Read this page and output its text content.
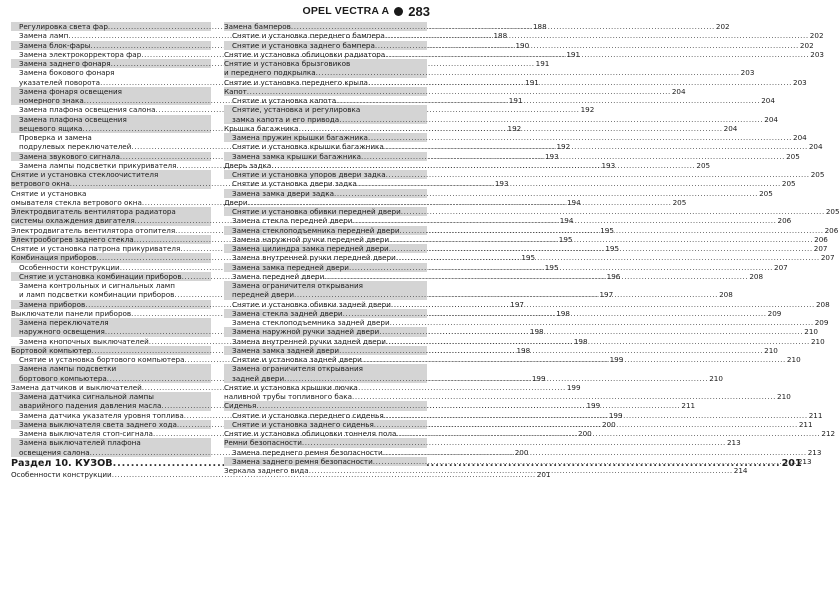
OPEL VECTRA A 283
Регулировка света фар .....	188
Замена ламп .....	188
Замена блок-фары .....	190
Замена электрокорректора фар .....	191
Замена заднего фонаря .....	191
Замена бокового фонаря
указателей поворота .....	191
Замена фонаря освещения
номерного знака .....	191
Замена плафона освещения салона .....	192
Замена плафона освещения
вещевого ящика .....	192
Проверка и замена
подрулевых переключателей .....	192
Замена звукового сигнала .....	193
Замена лампы подсветки прикуривателя .....	193
Снятие и установка стеклоочистителя
ветрового окна .....	193
Снятие и установка
омывателя стекла ветрового окна .....	194
Электродвигатель вентилятора радиатора
системы охлаждения двигателя .....	194
Электродвигатель вентилятора отопителя .....	195
Электрообогрев заднего стекла .....	195
Снятие и установка патрона прикуривателя .....	195
Комбинация приборов .....	195
Особенности конструкции .....	195
Снятие и установка комбинации приборов .....	196
Замена контрольных и сигнальных ламп
и ламп подсветки комбинации приборов .....	197
Замена приборов .....	197
Выключатели панели приборов .....	198
Замена переключателя
наружного освещения .....	198
Замена кнопочных выключателей .....	198
Бортовой компьютер .....	198
Снятие и установка бортового компьютера .....	199
Замена лампы подсветки
бортового компьютера .....	199
Замена датчиков и выключателей .....	199
Замена датчика сигнальной лампы
аварийного падения давления масла .....	199
Замена датчика указателя уровня топлива .....	199
Замена выключателя света заднего хода .....	200
Замена выключателя стоп-сигнала .....	200
Замена выключателей плафона
освещения салона .....	200
Раздел 10. КУЗОВ .....	201
Особенности конструкции .....	201
Замена бамперов .....	202
Снятие и установка переднего бампера .....	202
Снятие и установка заднего бампера .....	202
Снятие и установка облицовки радиатора .....	203
Снятие и установка брызговиков
и переднего подкрылка .....	203
Снятие и установка переднего крыла .....	203
Капот .....	204
Снятие и установка капота .....	204
Снятие, установка и регулировка
замка капота и его привода .....	204
Крышка багажника .....	204
Замена пружин крышки багажника .....	204
Снятие и установка крышки багажника .....	204
Замена замка крышки багажника .....	205
Дверь задка .....	205
Снятие и установка упоров двери задка .....	205
Снятие и установка двери задка .....	205
Замена замка двери задка .....	205
Двери .....	205
Снятие и установка обивки передней двери .....	205
Замена стекла передней двери .....	206
Замена стеклоподъемника передней двери .....	206
Замена наружной ручки передней двери .....	206
Замена цилиндра замка передней двери .....	207
Замена внутренней ручки передней двери .....	207
Замена замка передней двери .....	207
Замена передней двери .....	208
Замена ограничителя открывания
передней двери .....	208
Снятие и установка обивки задней двери .....	208
Замена стекла задней двери .....	209
Замена стеклоподъемника задней двери .....	209
Замена наружной ручки задней двери .....	210
Замена внутренней ручки задней двери .....	210
Замена замка задней двери .....	210
Снятие и установка задней двери .....	210
Замена ограничителя открывания
задней двери .....	210
Снятие и установка крышки лючка
наливной трубы топливного бака .....	210
Сиденья .....	211
Снятие и установка переднего сиденья .....	211
Снятие и установка заднего сиденья .....	211
Снятие и установка облицовки тоннеля пола .....	212
Ремни безопасности .....	213
Замена переднего ремня безопасности .....	213
Замена заднего ремня безопасности .....	213
Зеркала заднего вида .....	214
